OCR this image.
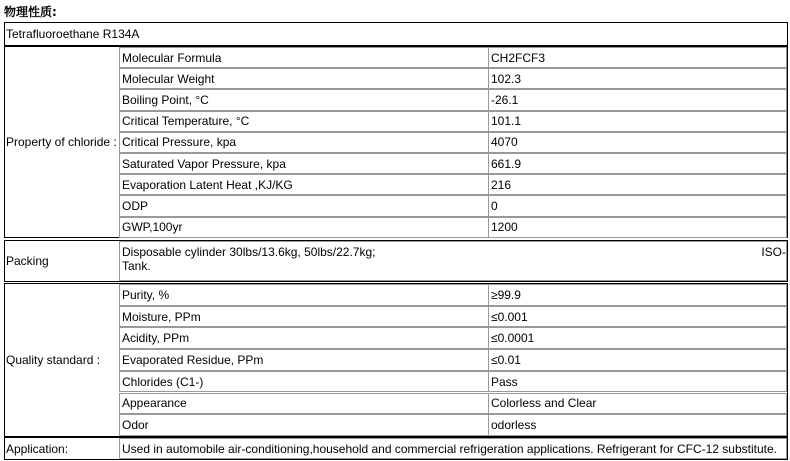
物理性质:
Tetrafluoroethane R134A
Property of chloride :
Molecular Formula	CH2FCF3
Molecular Weight	102.3
Boiling Point, °C	-26.1
Critical Temperature, °C	101.1
Critical Pressure, kpa	4070
Saturated Vapor Pressure, kpa	661.9
Evaporation Latent Heat ,KJ/KG	216
ODP	0
GWP,100yr	1200
Packing
Disposable cylinder 30lbs/13.6kg, 50lbs/22.7kg;	ISO-
Tank.
Quality standard :
Purity, %	≥99.9
Moisture, PPm	≤0.001
Acidity, PPm	≤0.0001
Evaporated Residue, PPm	≤0.01
Chlorides (C1-)	Pass
Appearance	Colorless and Clear
Odor	odorless
Application:	Used in automobile air-conditioning,household and commercial refrigeration applications. Refrigerant for CFC-12 substitute.
